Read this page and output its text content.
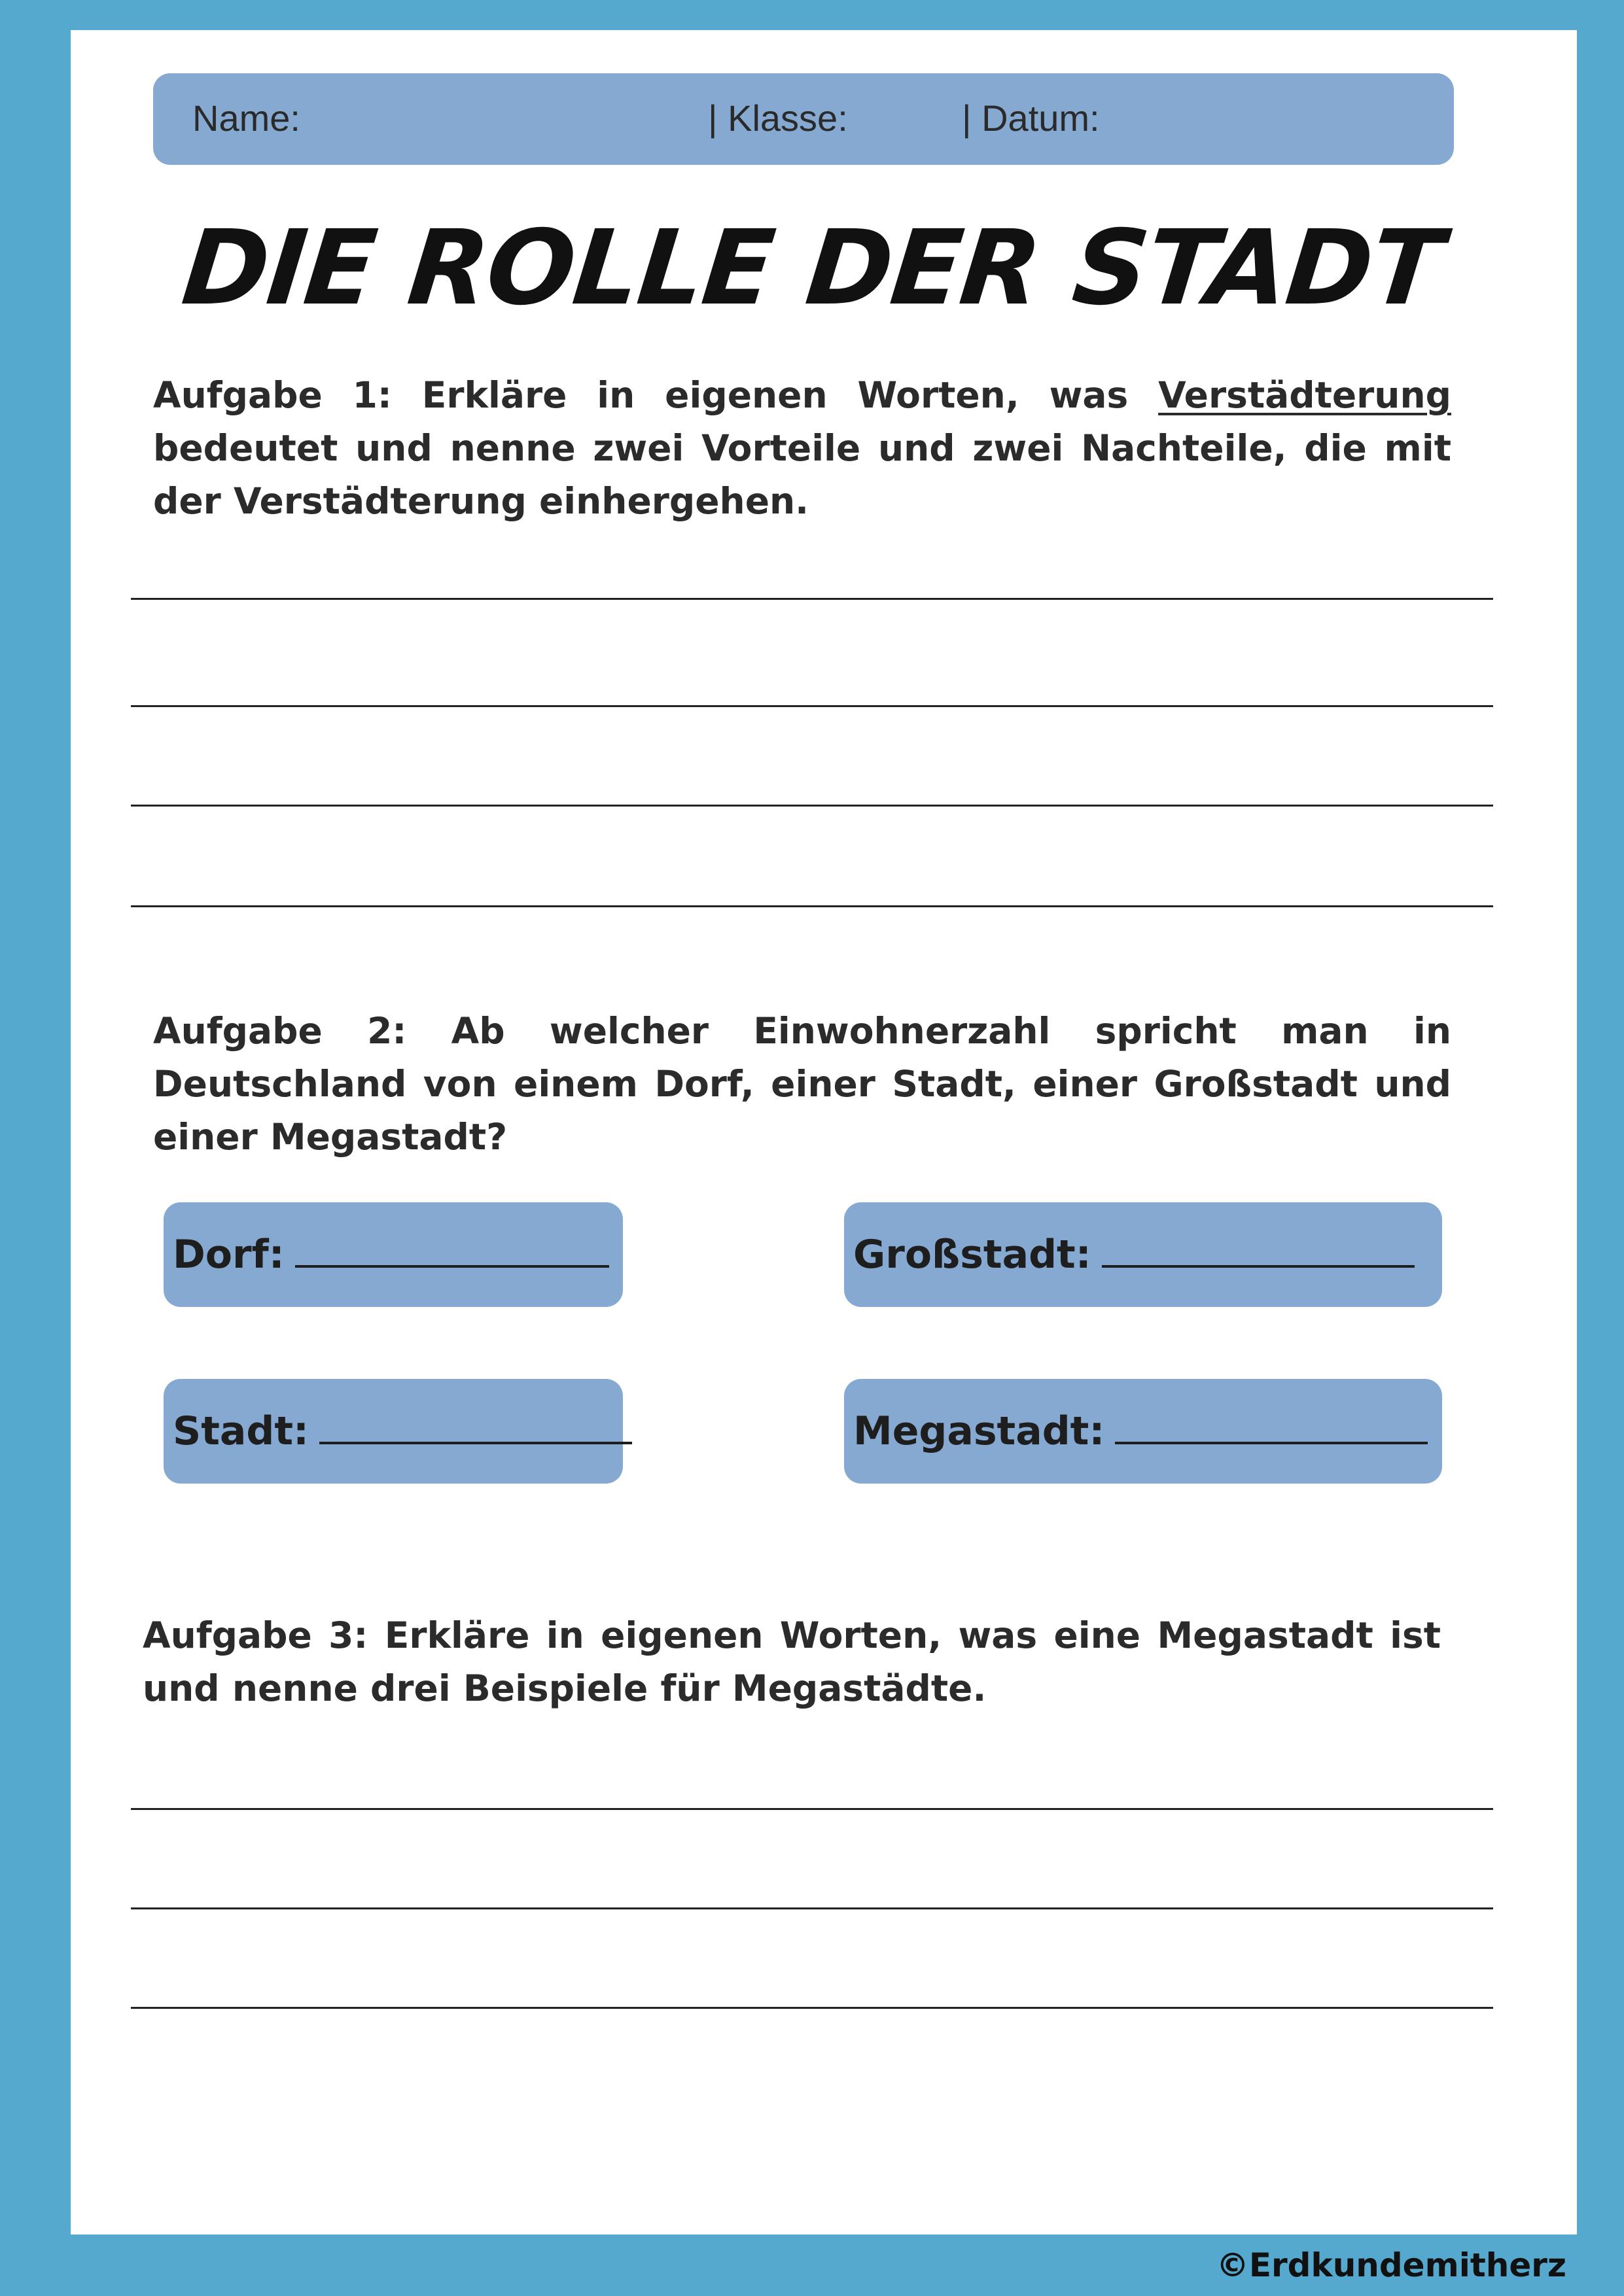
Name:	| Klasse:	| Datum:
DIE ROLLE DER STADT
Aufgabe 1: Erkläre in eigenen Worten, was Verstädterung bedeutet und nenne zwei Vorteile und zwei Nachteile, die mit der Verstädterung einhergehen.
Aufgabe 2: Ab welcher Einwohnerzahl spricht man in Deutschland von einem Dorf, einer Stadt, einer Großstadt und einer Megastadt?
Dorf:	Großstadt:
Stadt:	Megastadt:
Aufgabe 3: Erkläre in eigenen Worten, was eine Megastadt ist und nenne drei Beispiele für Megastädte.
©Erdkundemitherz
